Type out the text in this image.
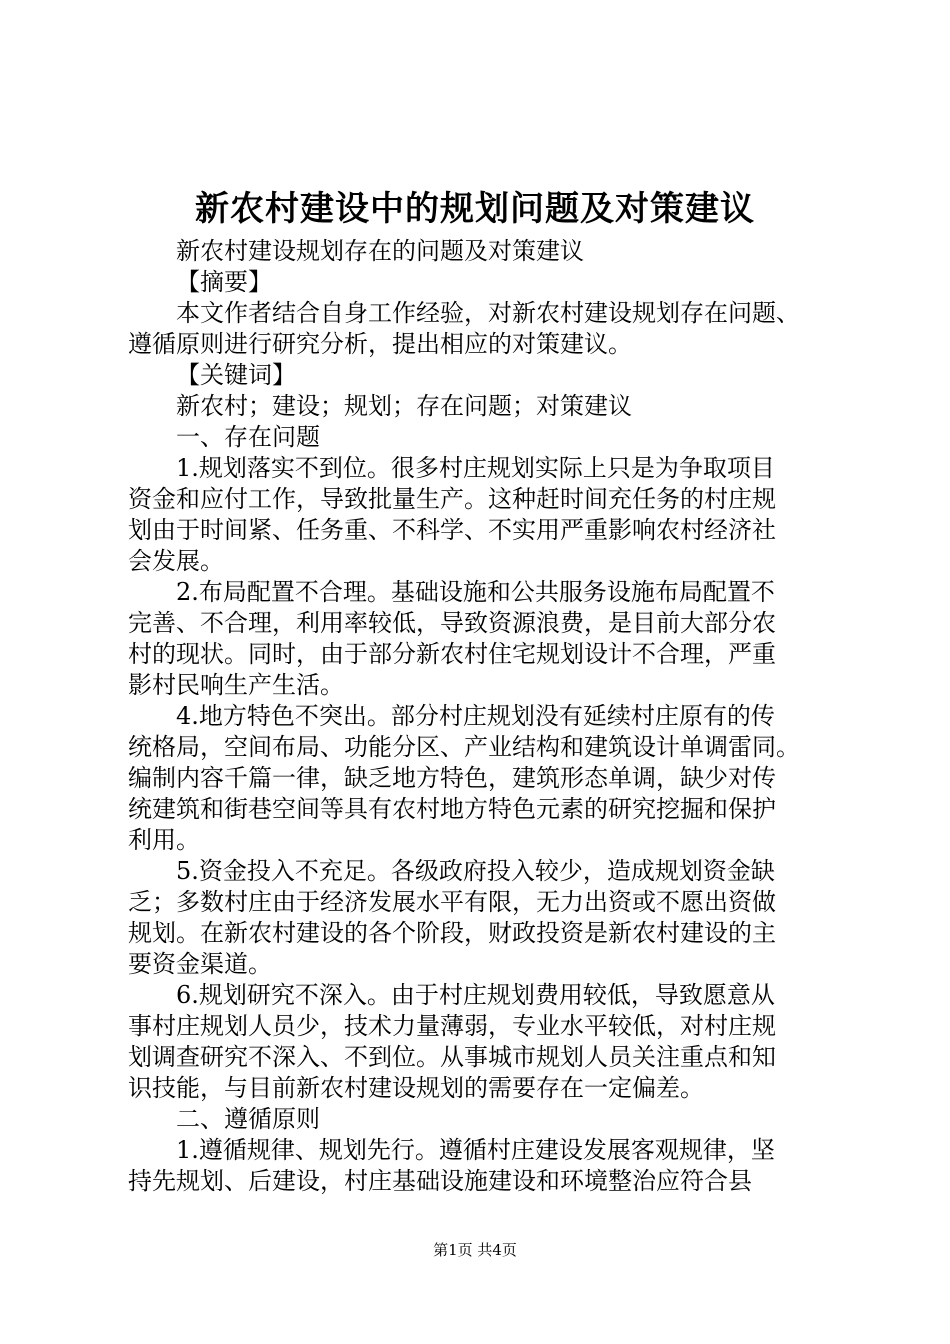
新农村建设中的规划问题及对策建议
新农村建设规划存在的问题及对策建议
【摘要】
本文作者结合自身工作经验，对新农村建设规划存在问题、
遵循原则进行研究分析，提出相应的对策建议。
【关键词】
新农村；建设；规划；存在问题；对策建议
一、存在问题
1.规划落实不到位。很多村庄规划实际上只是为争取项目
资金和应付工作，导致批量生产。这种赶时间充任务的村庄规
划由于时间紧、任务重、不科学、不实用严重影响农村经济社
会发展。
2.布局配置不合理。基础设施和公共服务设施布局配置不
完善、不合理，利用率较低，导致资源浪费，是目前大部分农
村的现状。同时，由于部分新农村住宅规划设计不合理，严重
影村民响生产生活。
4.地方特色不突出。部分村庄规划没有延续村庄原有的传
统格局，空间布局、功能分区、产业结构和建筑设计单调雷同。
编制内容千篇一律，缺乏地方特色，建筑形态单调，缺少对传
统建筑和街巷空间等具有农村地方特色元素的研究挖掘和保护
利用。
5.资金投入不充足。各级政府投入较少，造成规划资金缺
乏；多数村庄由于经济发展水平有限，无力出资或不愿出资做
规划。在新农村建设的各个阶段，财政投资是新农村建设的主
要资金渠道。
6.规划研究不深入。由于村庄规划费用较低，导致愿意从
事村庄规划人员少，技术力量薄弱，专业水平较低，对村庄规
划调查研究不深入、不到位。从事城市规划人员关注重点和知
识技能，与目前新农村建设规划的需要存在一定偏差。
二、遵循原则
1.遵循规律、规划先行。遵循村庄建设发展客观规律，坚
持先规划、后建设，村庄基础设施建设和环境整治应符合县
第1页 共4页
